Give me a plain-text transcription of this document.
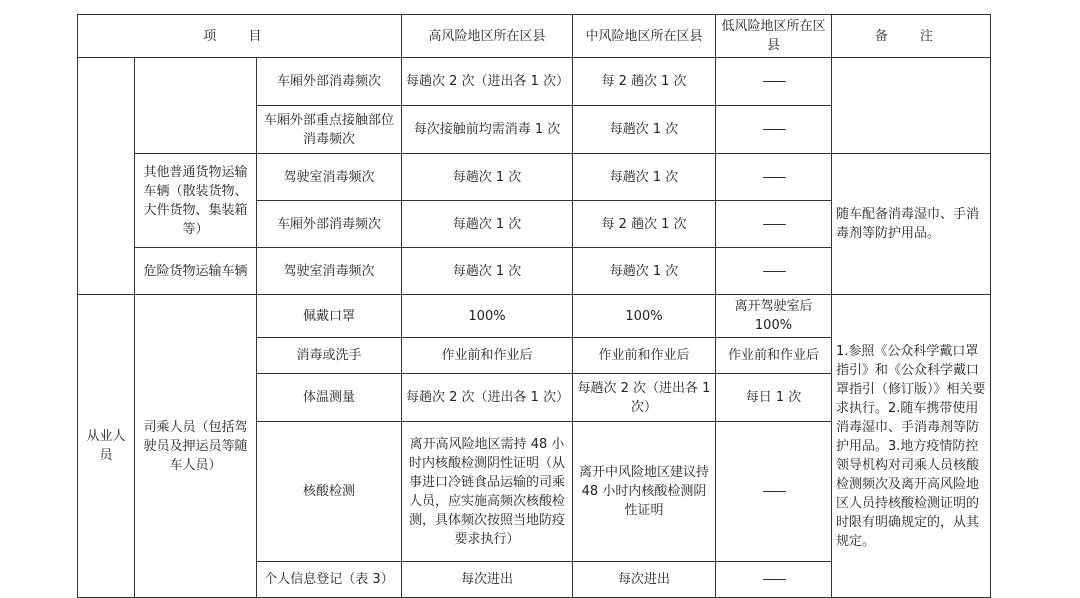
项 目			高风险地区所在区县	中风险地区所在区县	低风险地区所在区县	备 注
		车厢外部消毒频次	每趟次 2 次（进出各 1 次）	每 2 趟次 1 次	——	
		车厢外部重点接触部位消毒频次	每次接触前均需消毒 1 次	每趟次 1 次	——	
	其他普通货物运输车辆（散装货物、大件货物、集装箱等）	驾驶室消毒频次	每趟次 1 次	每趟次 1 次	——	随车配备消毒湿巾、手消毒剂等防护用品。
		车厢外部消毒频次	每趟次 1 次	每 2 趟次 1 次	——	
	危险货物运输车辆	驾驶室消毒频次	每趟次 1 次	每趟次 1 次	——	
从业人员	司乘人员（包括驾驶员及押运员等随车人员）	佩戴口罩	100%	100%	离开驾驶室后 100%	1.参照《公众科学戴口罩指引》和《公众科学戴口罩指引（修订版）》相关要求执行。2.随车携带使用消毒湿巾、手消毒剂等防护用品。3.地方疫情防控领导机构对司乘人员核酸检测频次及离开高风险地区人员持核酸检测证明的时限有明确规定的，从其规定。
		消毒或洗手	作业前和作业后	作业前和作业后	作业前和作业后	
		体温测量	每趟次 2 次（进出各 1 次）	每趟次 2 次（进出各 1 次）	每日 1 次	
		核酸检测	离开高风险地区需持 48 小时内核酸检测阴性证明（从事进口冷链食品运输的司乘人员，应实施高频次核酸检测，具体频次按照当地防疫要求执行）	离开中风险地区建议持 48 小时内核酸检测阴性证明	——	
		个人信息登记（表 3）	每次进出	每次进出	——	
